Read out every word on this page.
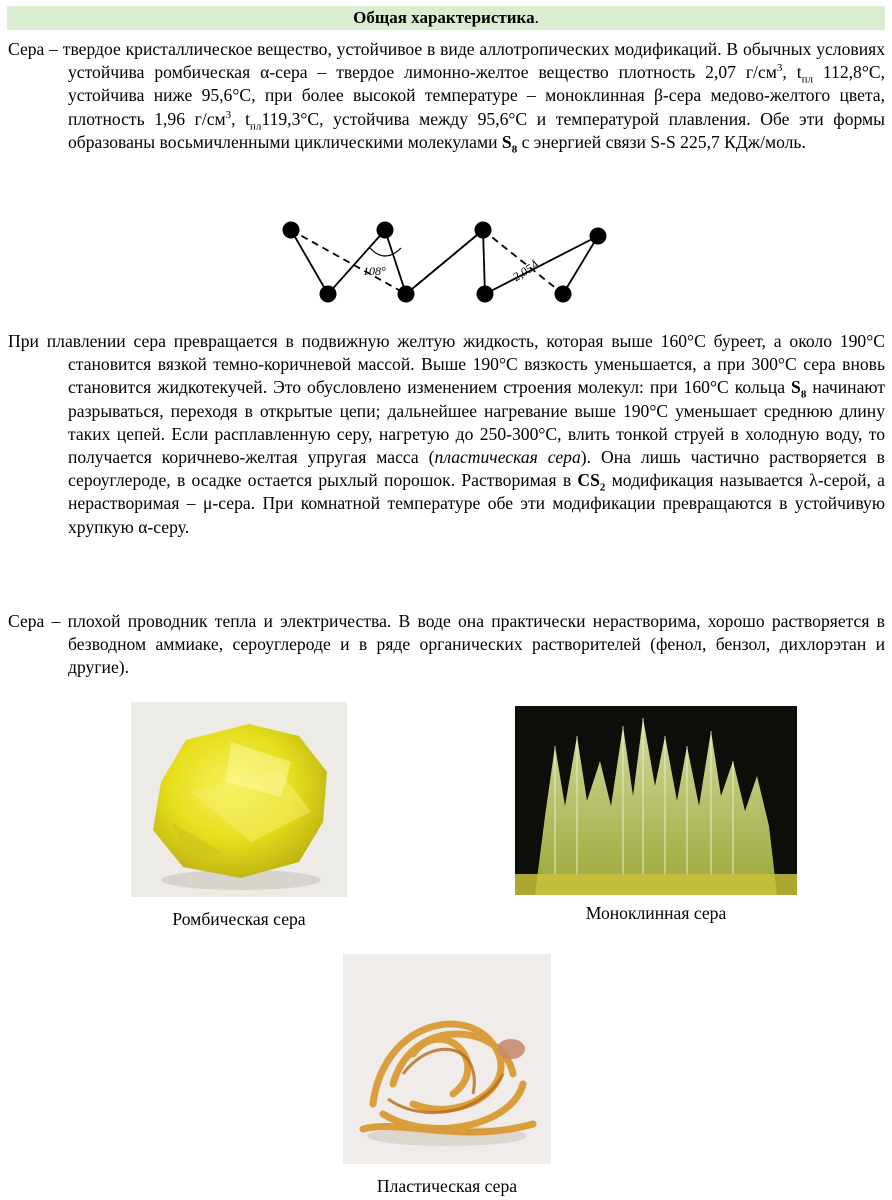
Общая характеристика.
Сера – твердое кристаллическое вещество, устойчивое в виде аллотропических модификаций. В обычных условиях устойчива ромбическая α-сера – твердое лимонно-желтое вещество плотность 2,07 $г/см^3$, $t_{пл}$ 112,8°С, устойчива ниже 95,6°С, при более высокой температуре – моноклинная β-сера медово-желтого цвета, плотность 1,96 $г/см^3$, $t_{пл}119,3^\circ С$, устойчива между 95,6°С и температурой плавления. Обе эти формы образованы восьмичленными циклическими молекулами $S_8$ с энергией связи S-S 225,7 КДж/моль.
108°	2,05Å
При плавлении сера превращается в подвижную желтую жидкость, которая выше 160°С буреет, а около 190°С становится вязкой темно-коричневой массой. Выше 190°С вязкость уменьшается, а при 300°С сера вновь становится жидкотекучей. Это обусловлено изменением строения молекул: при 160°С кольца $S_8$ начинают разрываться, переходя в открытые цепи; дальнейшее нагревание выше 190°С уменьшает среднюю длину таких цепей. Если расплавленную серу, нагретую до 250-300°С, влить тонкой струей в холодную воду, то получается коричнево-желтая упругая масса (пластическая сера). Она лишь частично растворяется в сероуглероде, в осадке остается рыхлый порошок. Растворимая в $CS_2$ модификация называется λ-серой, а нерастворимая – μ-сера. При комнатной температуре обе эти модификации превращаются в устойчивую хрупкую α-серу.
Сера – плохой проводник тепла и электричества. В воде она практически нерастворима, хорошо растворяется в безводном аммиаке, сероуглероде и в ряде органических растворителей (фенол, бензол, дихлорэтан и другие).
Ромбическая сера	Моноклинная сера
Пластическая сера
